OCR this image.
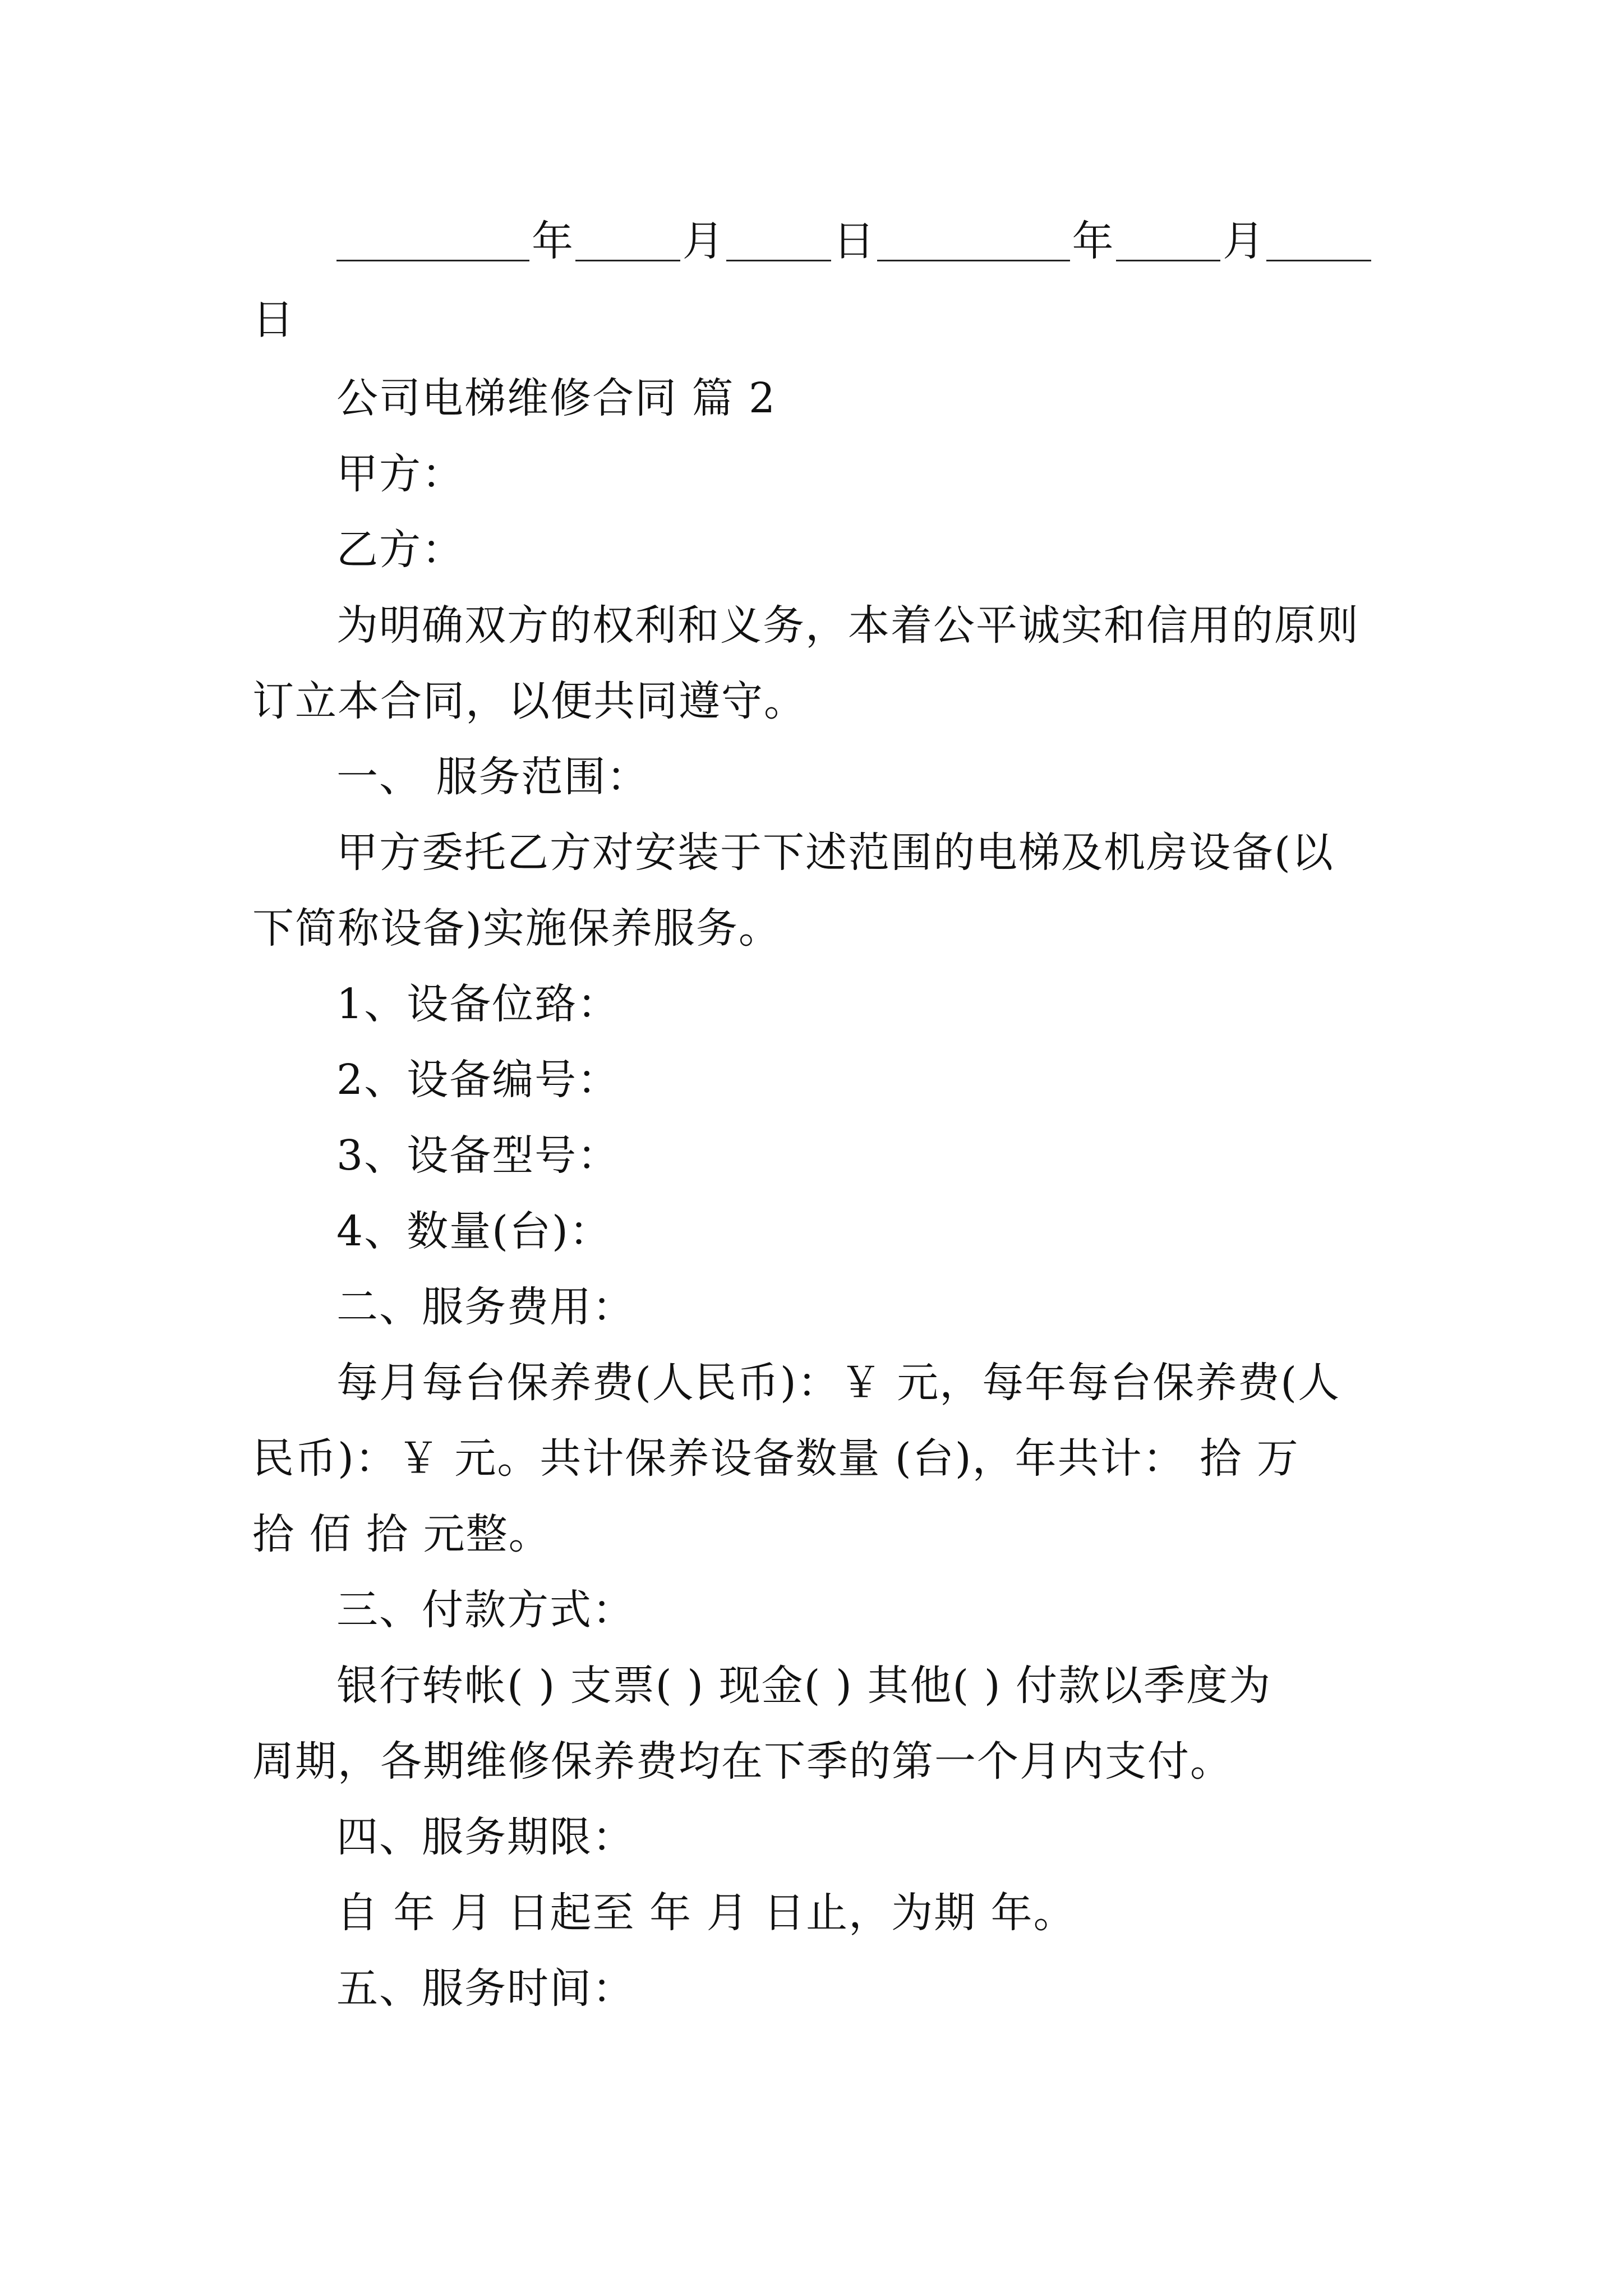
年	月	日	年	月
日
公司电梯维修合同 篇 2
甲方：
乙方：
为明确双方的权利和义务，本着公平诚实和信用的原则
订立本合同，以便共同遵守。
一、 服务范围：
甲方委托乙方对安装于下述范围的电梯及机房设备(以
下简称设备)实施保养服务。
1、设备位臵：
2、设备编号：
3、设备型号：
4、数量(台)：
二、服务费用：
每月每台保养费(人民币)：￥ 元，每年每台保养费(人
民币)：￥ 元。共计保养设备数量 (台)，年共计： 拾 万
拾 佰 拾 元整。
三、付款方式：
银行转帐( ) 支票( ) 现金( ) 其他( ) 付款以季度为
周期，各期维修保养费均在下季的第一个月内支付。
四、服务期限：
自 年 月 日起至 年 月 日止，为期 年。
五、服务时间：
